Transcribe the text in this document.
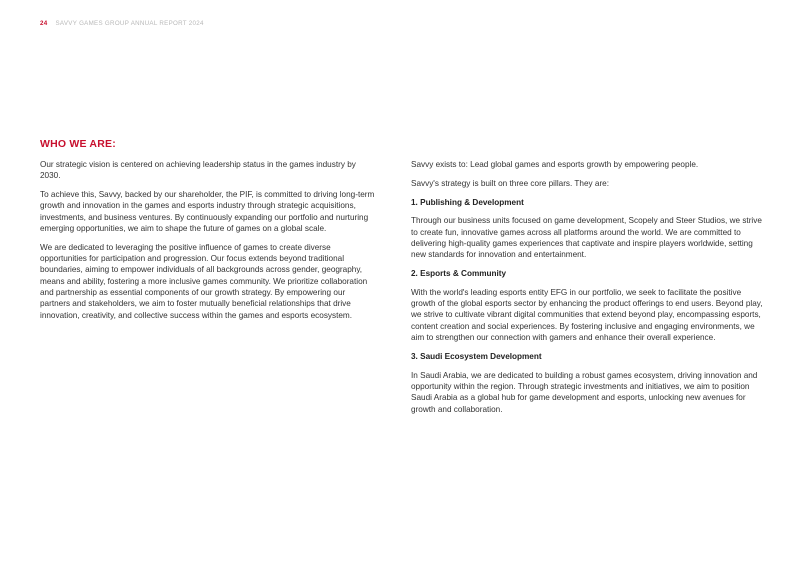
24 SAVVY GAMES GROUP ANNUAL REPORT 2024
WHO WE ARE:

Our strategic vision is centered on achieving leadership status in the games industry by 2030.

To achieve this, Savvy, backed by our shareholder, the PIF, is committed to driving long-term growth and innovation in the games and esports industry through strategic acquisitions, investments, and business ventures. By continuously expanding our portfolio and nurturing emerging opportunities, we aim to shape the future of games on a global scale.

We are dedicated to leveraging the positive influence of games to create diverse opportunities for participation and progression. Our focus extends beyond traditional boundaries, aiming to empower individuals of all backgrounds across gender, geography, means and ability, fostering a more inclusive games community. We prioritize collaboration and partnership as essential components of our growth strategy. By empowering our partners and stakeholders, we aim to foster mutually beneficial relationships that drive innovation, creativity, and collective success within the games and esports ecosystem.

Savvy exists to: Lead global games and esports growth by empowering people.

Savvy's strategy is built on three core pillars. They are:

1. Publishing & Development

Through our business units focused on game development, Scopely and Steer Studios, we strive to create fun, innovative games across all platforms around the world. We are committed to delivering high-quality games experiences that captivate and inspire players worldwide, setting new standards for innovation and entertainment.

2. Esports & Community

With the world's leading esports entity EFG in our portfolio, we seek to facilitate the positive growth of the global esports sector by enhancing the product offerings to end users. Beyond play, we strive to cultivate vibrant digital communities that extend beyond play, encompassing esports, content creation and social experiences. By fostering inclusive and engaging environments, we aim to strengthen our connection with gamers and enhance their overall experience.

3. Saudi Ecosystem Development

In Saudi Arabia, we are dedicated to building a robust games ecosystem, driving innovation and opportunity within the region. Through strategic investments and initiatives, we aim to position Saudi Arabia as a global hub for game development and esports, unlocking new avenues for growth and collaboration.
